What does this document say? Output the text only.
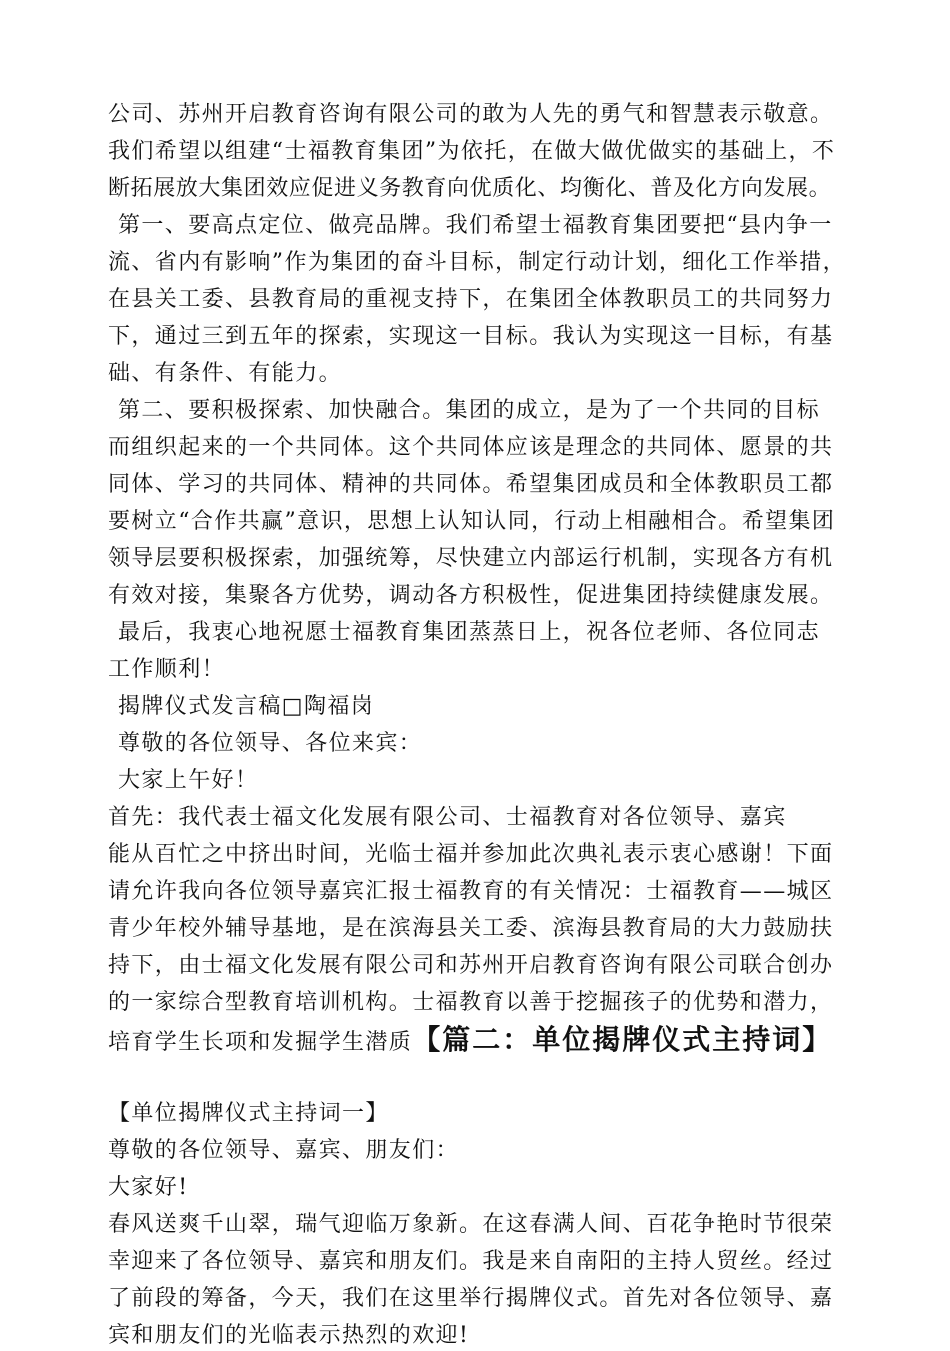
公司、苏州开启教育咨询有限公司的敢为人先的勇气和智慧表示敬意。
我们希望以组建“士福教育集团”为依托，在做大做优做实的基础上，不
断拓展放大集团效应促进义务教育向优质化、均衡化、普及化方向发展。
第一、要高点定位、做亮品牌。我们希望士福教育集团要把“县内争一
流、省内有影响”作为集团的奋斗目标，制定行动计划，细化工作举措，
在县关工委、县教育局的重视支持下，在集团全体教职员工的共同努力
下，通过三到五年的探索，实现这一目标。我认为实现这一目标，有基
础、有条件、有能力。
第二、要积极探索、加快融合。集团的成立，是为了一个共同的目标
而组织起来的一个共同体。这个共同体应该是理念的共同体、愿景的共
同体、学习的共同体、精神的共同体。希望集团成员和全体教职员工都
要树立“合作共赢”意识，思想上认知认同，行动上相融相合。希望集团
领导层要积极探索，加强统筹，尽快建立内部运行机制，实现各方有机
有效对接，集聚各方优势，调动各方积极性，促进集团持续健康发展。
最后，我衷心地祝愿士福教育集团蒸蒸日上，祝各位老师、各位同志
工作顺利！
揭牌仪式发言稿□陶福岗
尊敬的各位领导、各位来宾：
大家上午好！
首先：我代表士福文化发展有限公司、士福教育对各位领导、嘉宾
能从百忙之中挤出时间，光临士福并参加此次典礼表示衷心感谢！下面
请允许我向各位领导嘉宾汇报士福教育的有关情况：士福教育——城区
青少年校外辅导基地，是在滨海县关工委、滨海县教育局的大力鼓励扶
持下，由士福文化发展有限公司和苏州开启教育咨询有限公司联合创办
的一家综合型教育培训机构。士福教育以善于挖掘孩子的优势和潜力，
培育学生长项和发掘学生潜质【篇二：单位揭牌仪式主持词】
【单位揭牌仪式主持词一】
尊敬的各位领导、嘉宾、朋友们：
大家好!
春风送爽千山翠，瑞气迎临万象新。在这春满人间、百花争艳时节很荣
幸迎来了各位领导、嘉宾和朋友们。我是来自南阳的主持人贸丝。经过
了前段的筹备，今天，我们在这里举行揭牌仪式。首先对各位领导、嘉
宾和朋友们的光临表示热烈的欢迎!
